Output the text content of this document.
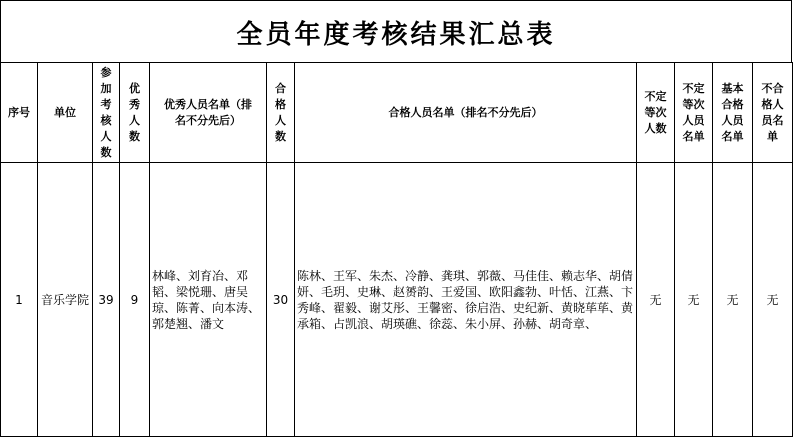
全员年度考核结果汇总表
序号	单位	参加考核人数	优秀人数	优秀人员名单（排名不分先后）	合格人数	合格人员名单（排名不分先后）	不定等次人数	不定等次人员名单	基本合格人员名单	不合格人员名单
1	音乐学院	39	9	林峰、刘育冶、邓韬、梁悦珊、唐吴琼、陈菁、向本涛、郭楚翘、潘文	30	陈林、王军、朱杰、冷静、龚琪、郭薇、马佳佳、赖志华、胡倩妍、毛玥、史琳、赵赟韵、王爱国、欧阳鑫勃、叶恬、江燕、卞秀峰、翟毅、谢艾彤、王馨密、徐启浩、史纪新、黄晓荜荜、黄承箱、占凯浪、胡瑛礁、徐蕊、朱小屏、孙赫、胡奇章、	无	无	无	无
